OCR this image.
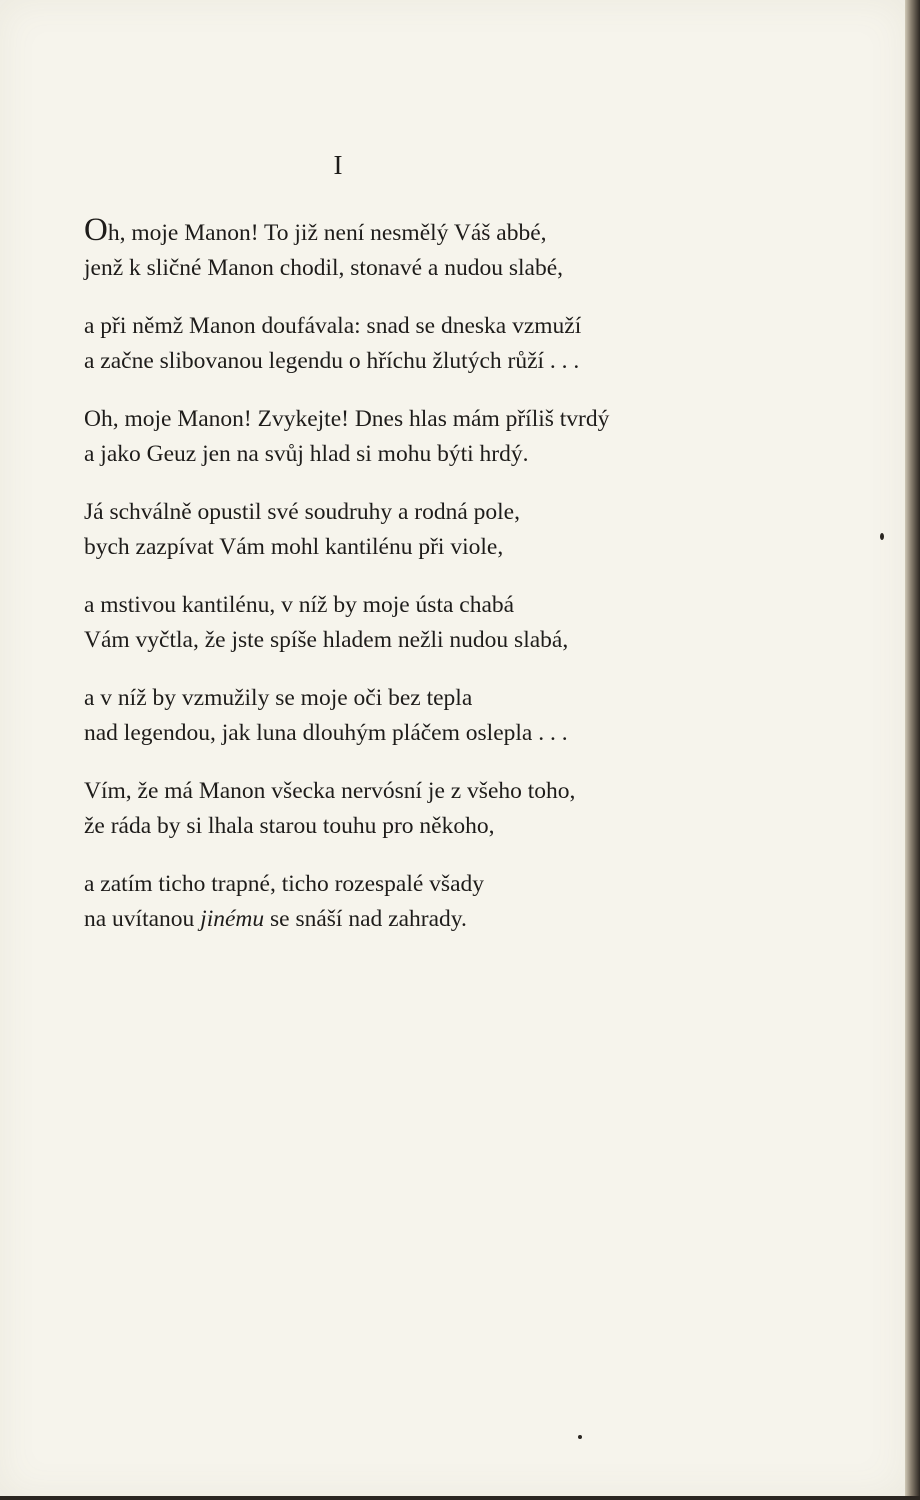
I
Oh, moje Manon! To již není nesmělý Váš abbé,
jenž k sličné Manon chodil, stonavé a nudou slabé,
a při němž Manon doufávala: snad se dneska vzmuží
a začne slibovanou legendu o hříchu žlutých růží . . .
Oh, moje Manon! Zvykejte! Dnes hlas mám příliš tvrdý
a jako Geuz jen na svůj hlad si mohu býti hrdý.
Já schválně opustil své soudruhy a rodná pole,
bych zazpívat Vám mohl kantilénu při viole,
a mstivou kantilénu, v níž by moje ústa chabá
Vám vyčtla, že jste spíše hladem nežli nudou slabá,
a v níž by vzmužily se moje oči bez tepla
nad legendou, jak luna dlouhým pláčem oslepla . . .
Vím, že má Manon všecka nervósní je z všeho toho,
že ráda by si lhala starou touhu pro někoho,
a zatím ticho trapné, ticho rozespalé všady
na uvítanou jinému se snáší nad zahrady.
